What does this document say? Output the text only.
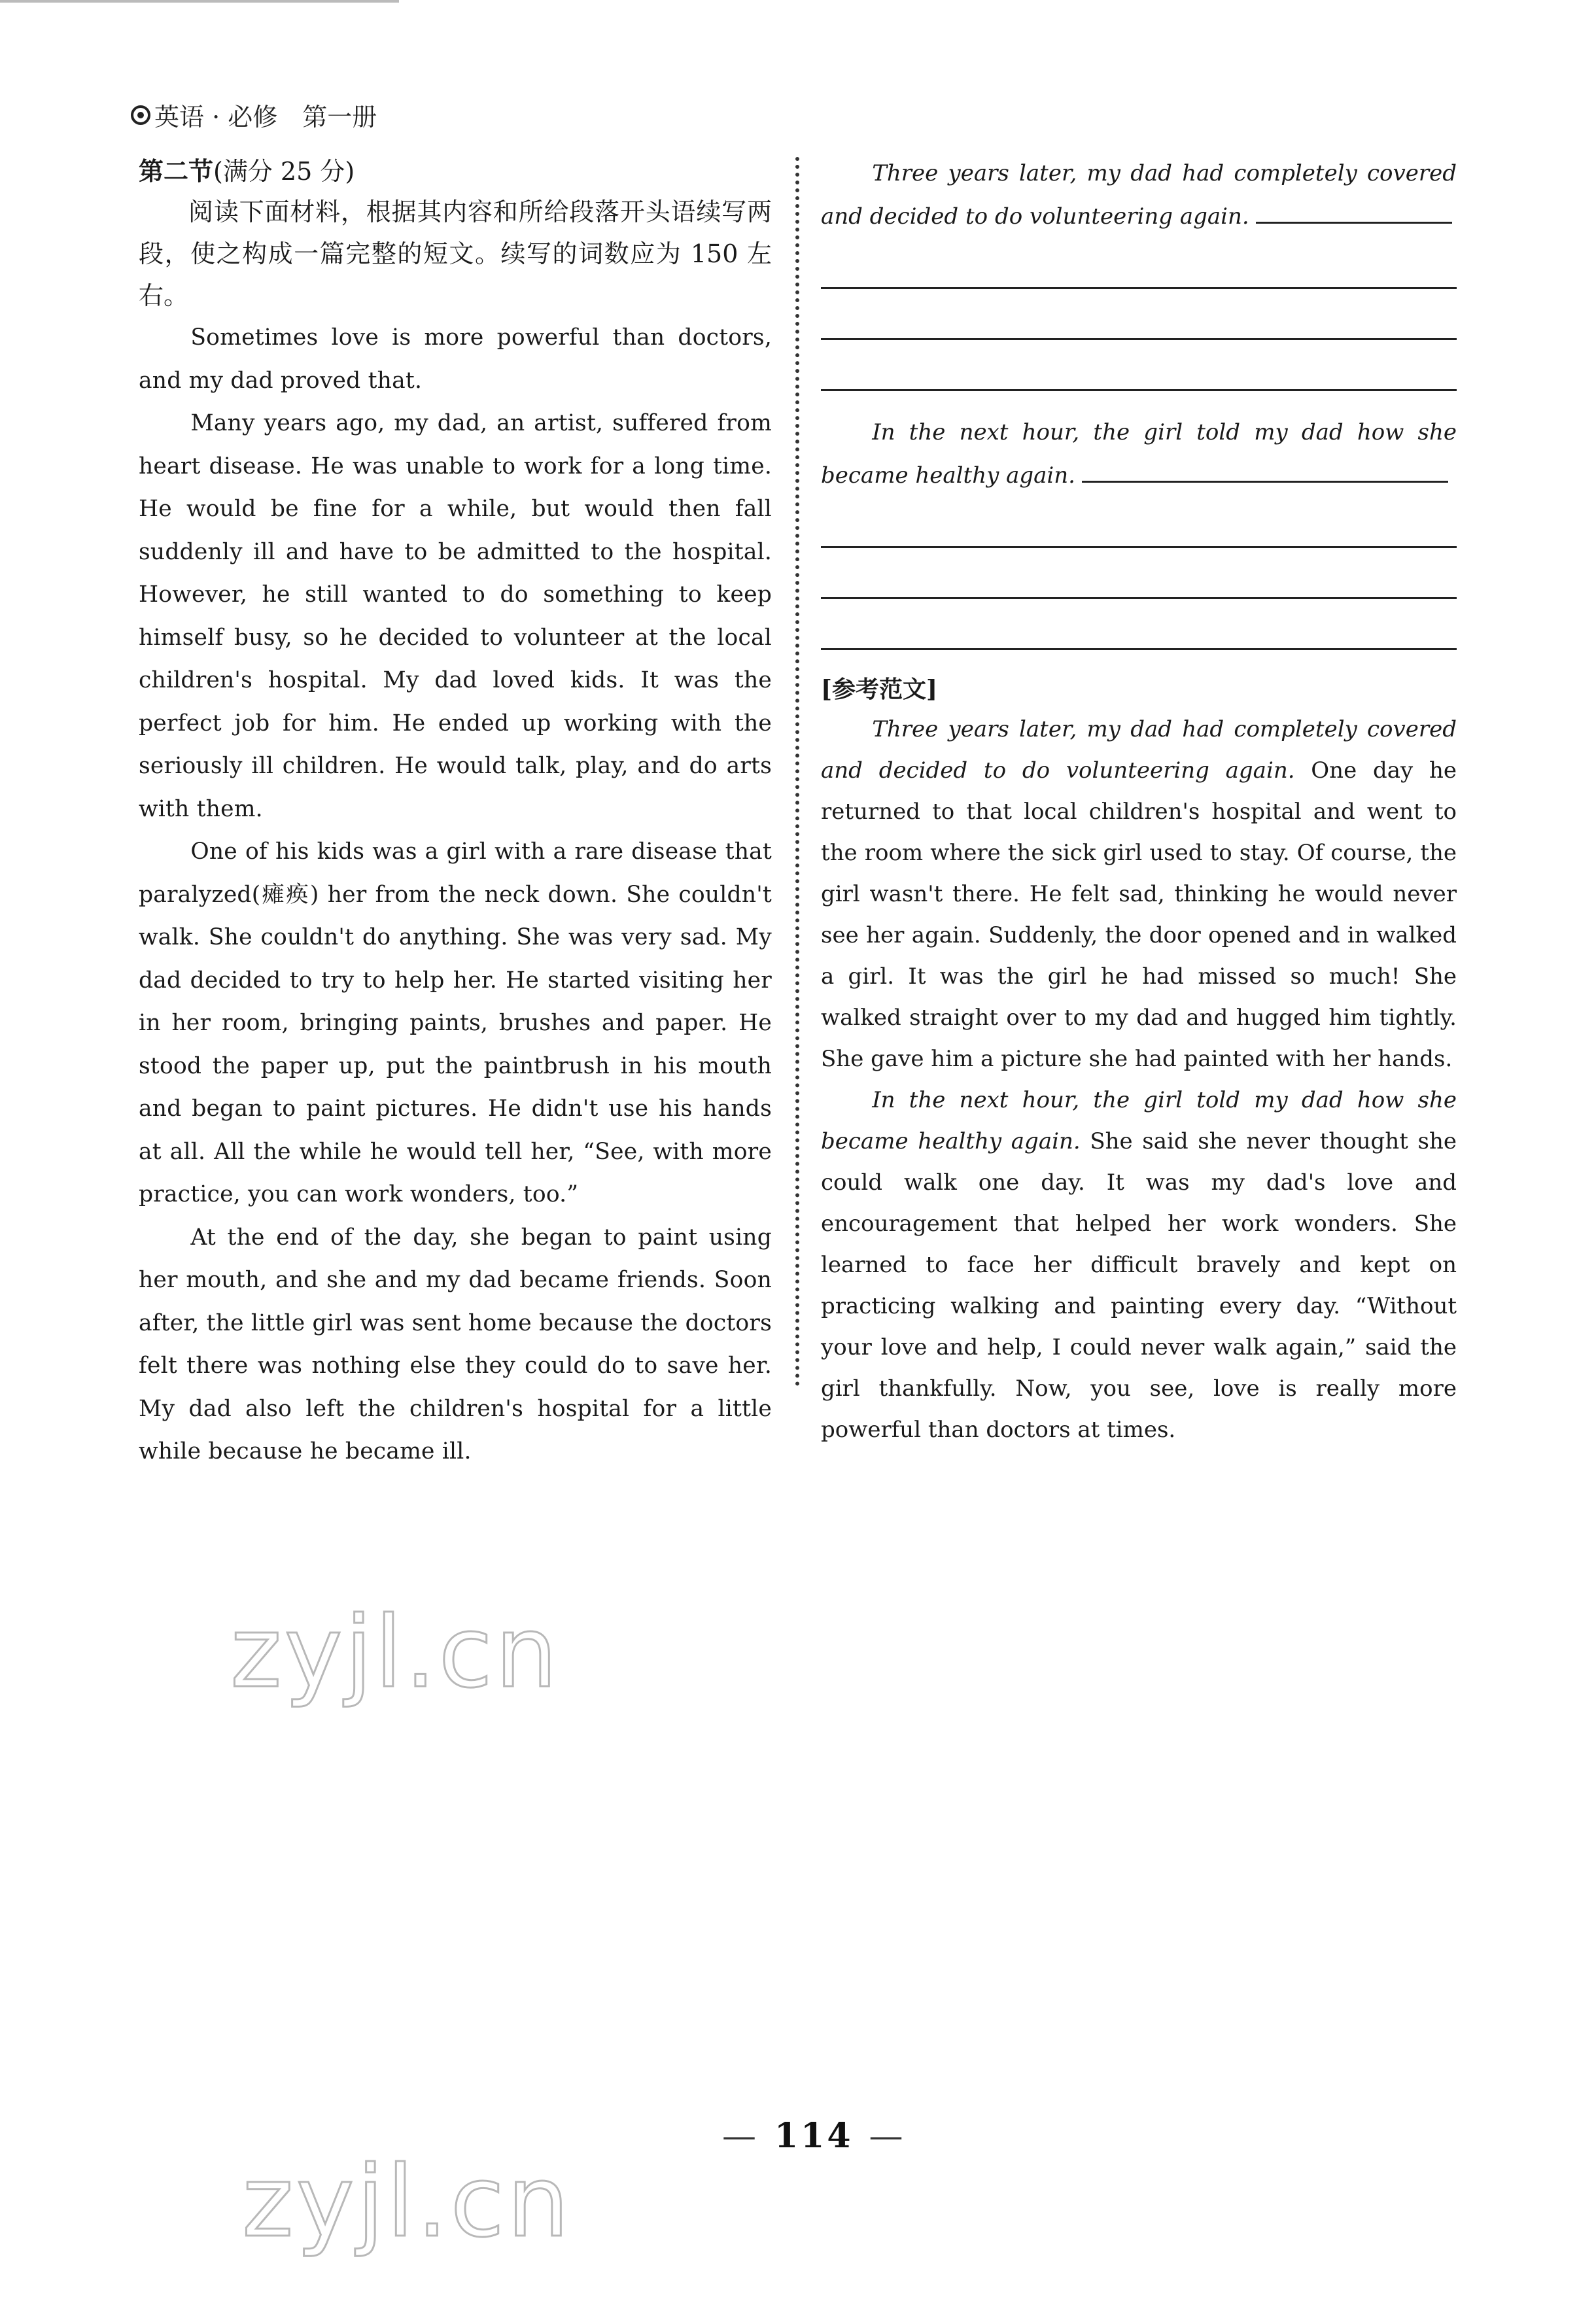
英语 · 必修　第一册

第二节(满分 25 分)

阅读下面材料，根据其内容和所给段落开头语续写两段，使之构成一篇完整的短文。续写的词数应为 150 左右。

Sometimes love is more powerful than doctors, and my dad proved that.

Many years ago, my dad, an artist, suffered from heart disease. He was unable to work for a long time. He would be fine for a while, but would then fall suddenly ill and have to be admitted to the hospital. However, he still wanted to do something to keep himself busy, so he decided to volunteer at the local children's hospital. My dad loved kids. It was the perfect job for him. He ended up working with the seriously ill children. He would talk, play, and do arts with them.

One of his kids was a girl with a rare disease that paralyzed(瘫痪) her from the neck down. She couldn't walk. She couldn't do anything. She was very sad. My dad decided to try to help her. He started visiting her in her room, bringing paints, brushes and paper. He stood the paper up, put the paintbrush in his mouth and began to paint pictures. He didn't use his hands at all. All the while he would tell her, “See, with more practice, you can work wonders, too.”

At the end of the day, she began to paint using her mouth, and she and my dad became friends. Soon after, the little girl was sent home because the doctors felt there was nothing else they could do to save her. My dad also left the children's hospital for a little while because he became ill.

Three years later, my dad had completely covered and decided to do volunteering again.

In the next hour, the girl told my dad how she became healthy again.

[参考范文]

Three years later, my dad had completely covered and decided to do volunteering again. One day he returned to that local children's hospital and went to the room where the sick girl used to stay. Of course, the girl wasn't there. He felt sad, thinking he would never see her again. Suddenly, the door opened and in walked a girl. It was the girl he had missed so much! She walked straight over to my dad and hugged him tightly. She gave him a picture she had painted with her hands.

In the next hour, the girl told my dad how she became healthy again. She said she never thought she could walk one day. It was my dad's love and encouragement that helped her work wonders. She learned to face her difficult bravely and kept on practicing walking and painting every day. “Without your love and help, I could never walk again,” said the girl thankfully. Now, you see, love is really more powerful than doctors at times.

zyjl.cn
— 114 —
zyjl.cn
